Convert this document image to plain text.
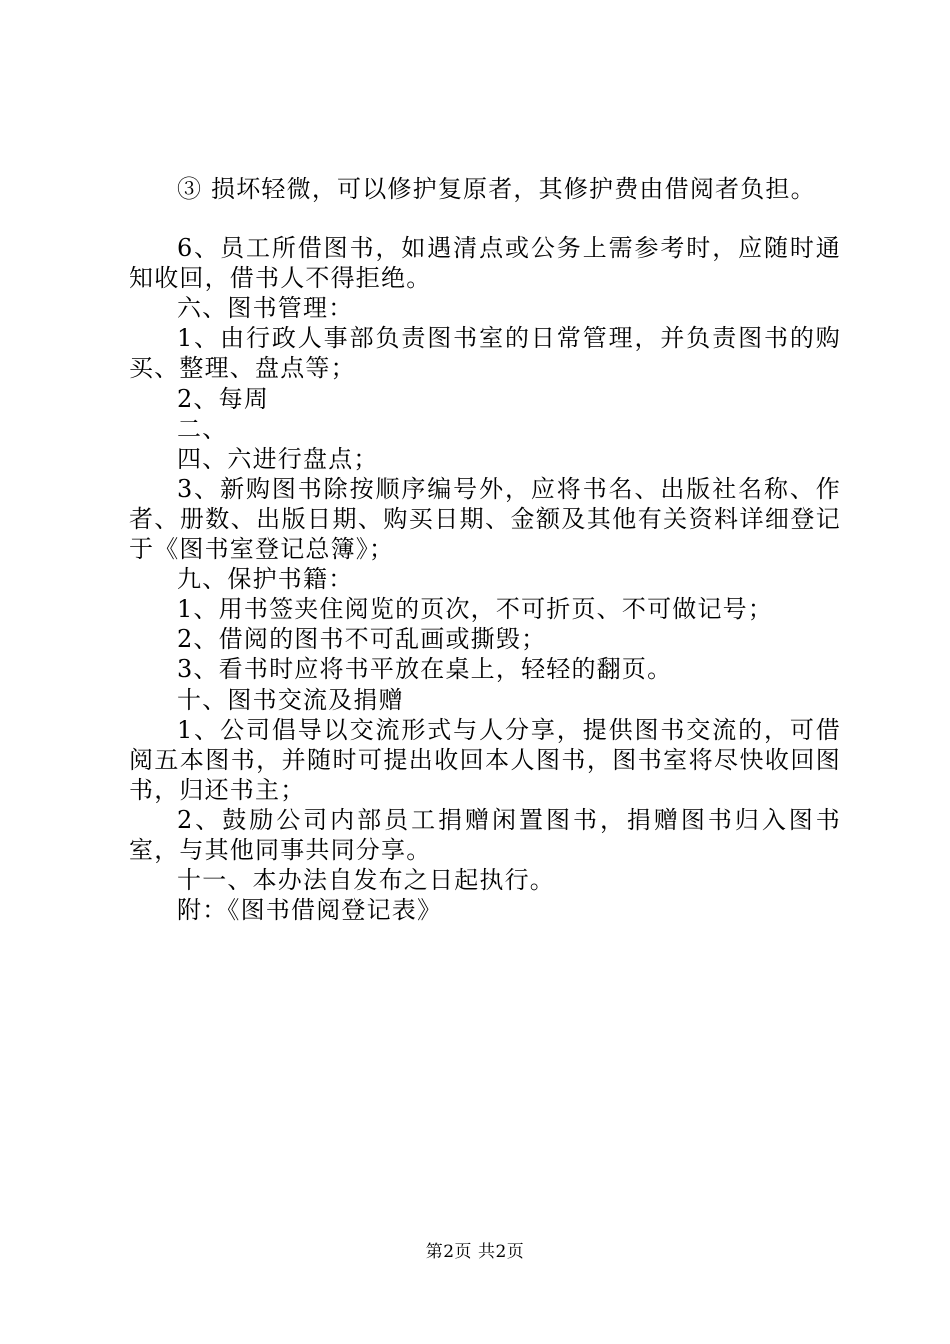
③ 损坏轻微，可以修护复原者，其修护费由借阅者负担。

6、员工所借图书，如遇清点或公务上需参考时，应随时通知收回，借书人不得拒绝。

六、图书管理：

1、由行政人事部负责图书室的日常管理，并负责图书的购买、整理、盘点等；

2、每周

二、

四、六进行盘点；

3、新购图书除按顺序编号外，应将书名、出版社名称、作者、册数、出版日期、购买日期、金额及其他有关资料详细登记于《图书室登记总簿》；

九、保护书籍：

1、用书签夹住阅览的页次，不可折页、不可做记号；

2、借阅的图书不可乱画或撕毁；

3、看书时应将书平放在桌上，轻轻的翻页。

十、图书交流及捐赠

1、公司倡导以交流形式与人分享，提供图书交流的，可借阅五本图书，并随时可提出收回本人图书，图书室将尽快收回图书，归还书主；

2、鼓励公司内部员工捐赠闲置图书，捐赠图书归入图书室，与其他同事共同分享。

十一、本办法自发布之日起执行。

附：《图书借阅登记表》

第2页 共2页
